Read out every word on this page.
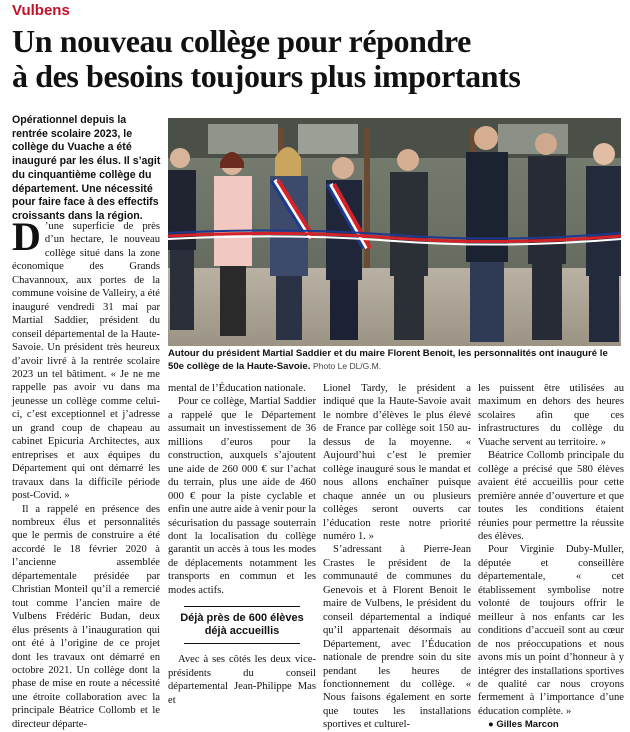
Vulbens
Un nouveau collège pour répondre
à des besoins toujours plus importants

Opérationnel depuis la rentrée scolaire 2023, le collège du Vuache a été inauguré par les élus. Il s’agit du cinquantième collège du département. Une nécessité pour faire face à des effectifs croissants dans la région.

Autour du président Martial Saddier et du maire Florent Benoit, les personnalités ont inauguré le 50e collège de la Haute-Savoie. Photo Le DL/G.M.

D ’une superficie de près d’un hectare, le nouveau collège situé dans la zone économique des Grands Chavannoux, aux portes de la commune voisine de Valleiry, a été inauguré vendredi 31 mai par Martial Saddier, président du conseil départemental de la Haute-Savoie. Un président très heureux d’avoir livré à la rentrée scolaire 2023 un tel bâtiment. « Je ne me rappelle pas avoir vu dans ma jeunesse un collège comme celui-ci, c’est exceptionnel et j’adresse un grand coup de chapeau au cabinet Epicuria Architectes, aux entreprises et aux équipes du Département qui ont démarré les travaux dans la difficile période post-Covid. »

Il a rappelé en présence des nombreux élus et personnalités que le permis de construire a été accordé le 18 février 2020 à l’ancienne assemblée départementale présidée par Christian Monteil qu’il a remercié tout comme l’ancien maire de Vulbens Frédéric Budan, deux élus présents à l’inauguration qui ont été à l’origine de ce projet dont les travaux ont démarré en octobre 2021. Un collège dont la phase de mise en route a nécessité une étroite collaboration avec la principale Béatrice Collomb et le directeur départe-

mental de l’Éducation nationale.

Pour ce collège, Martial Saddier a rappelé que le Département assumait un investissement de 36 millions d’euros pour la construction, auxquels s’ajoutent une aide de 260 000 € sur l’achat du terrain, plus une aide de 460 000 € pour la piste cyclable et enfin une autre aide à venir pour la sécurisation du passage souterrain dont la localisation du collège garantit un accès à tous les modes de déplacements notamment les transports en commun et les modes actifs.

Déjà près de 600 élèves déjà accueillis

Avec à ses côtés les deux vice-présidents du conseil départemental Jean-Philippe Mas et

Lionel Tardy, le président a indiqué que la Haute-Savoie avait le nombre d’élèves le plus élevé de France par collège soit 150 au-dessus de la moyenne. « Aujourd’hui c’est le premier collège inauguré sous le mandat et nous allons enchaîner puisque chaque année un ou plusieurs collèges seront ouverts car l’éducation reste notre priorité numéro 1. »

S’adressant à Pierre-Jean Crastes le président de la communauté de communes du Genevois et à Florent Benoit le maire de Vulbens, le président du conseil départemental a indiqué qu’il appartenait désormais au Département, avec l’Éducation nationale de prendre soin du site pendant les heures de fonctionnement du collège. « Nous faisons également en sorte que toutes les installations sportives et culturel-

les puissent être utilisées au maximum en dehors des heures scolaires afin que ces infrastructures du collège du Vuache servent au territoire. »

Béatrice Collomb principale du collège a précisé que 580 élèves avaient été accueillis pour cette première année d’ouverture et que toutes les conditions étaient réunies pour permettre la réussite des élèves.

Pour Virginie Duby-Muller, députée et conseillère départementale, « cet établissement symbolise notre volonté de toujours offrir le meilleur à nos enfants car les conditions d’accueil sont au cœur de nos préoccupations et nous avons mis un point d’honneur à y intégrer des installations sportives de qualité car nous croyons fermement à l’importance d’une éducation complète. »

● Gilles Marcon
